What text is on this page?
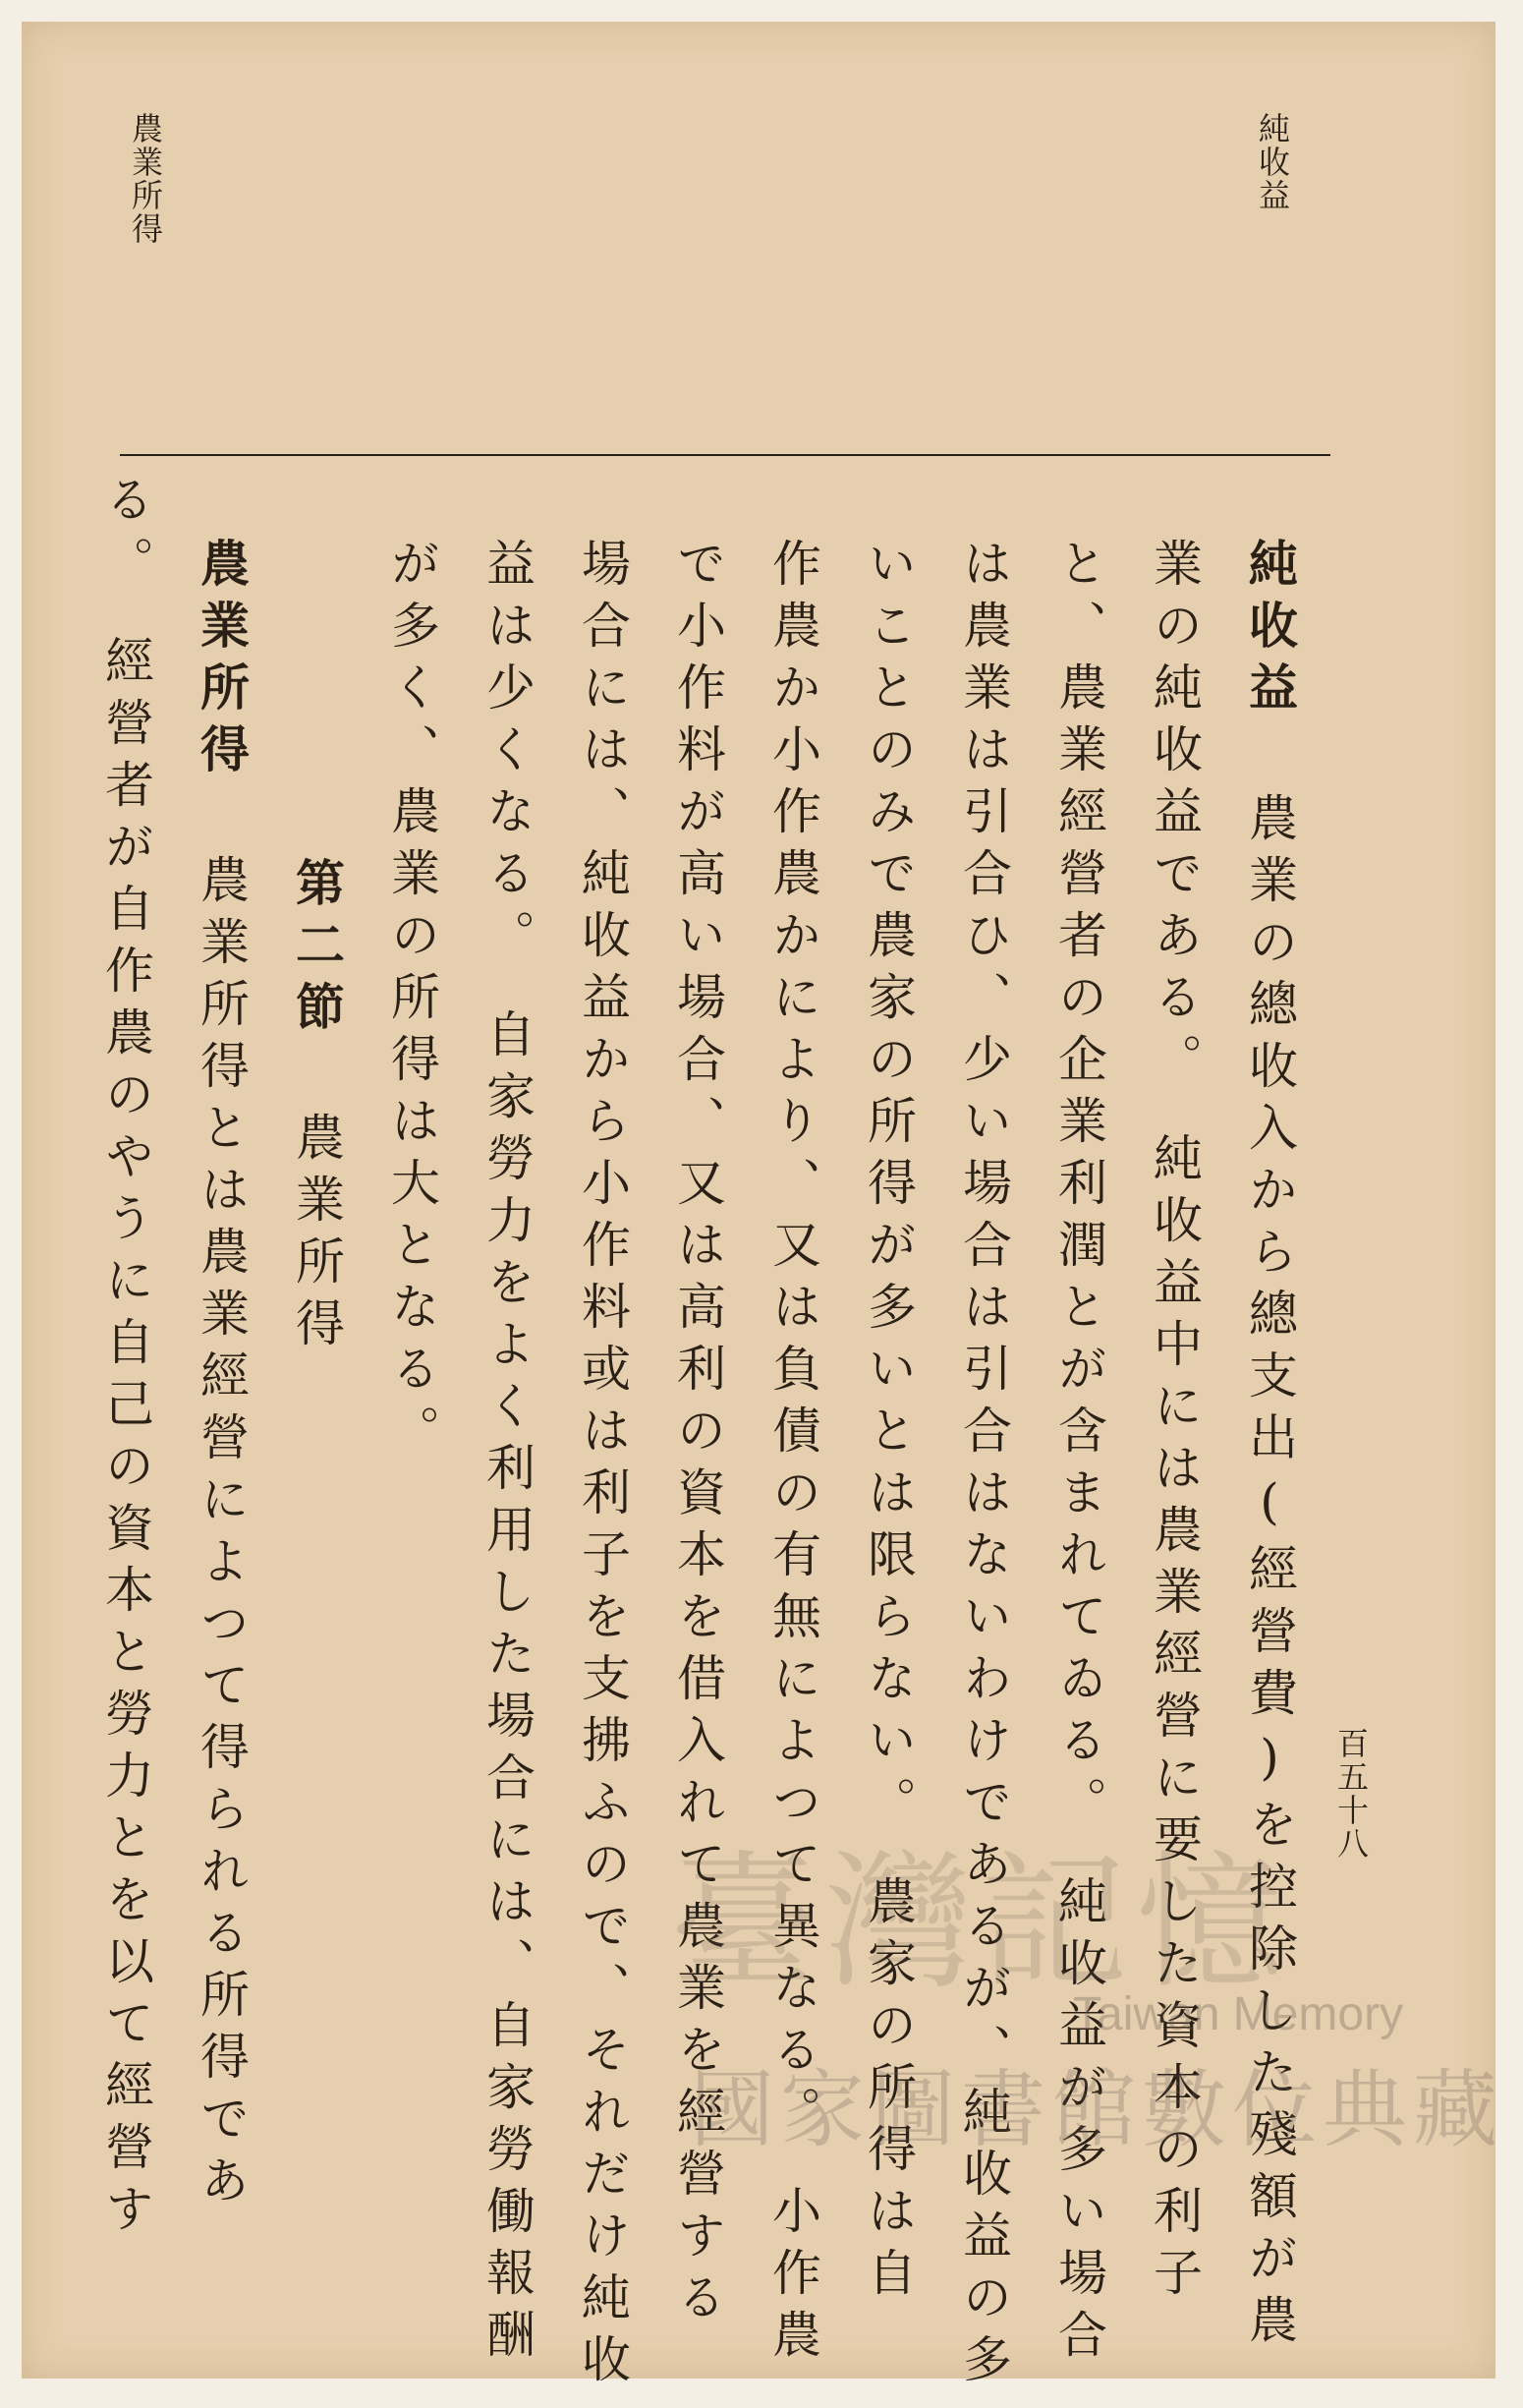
純收益
農業所得
百五十八
純收益農業の總收入から總支出(經營費)を控除した殘額が農
業の純收益である。　純收益中には農業經營に要した資本の利子
と、農業經營者の企業利潤とが含まれてゐる。　純收益が多い場合
は農業は引合ひ、少い場合は引合はないわけであるが、純收益の多
いことのみで農家の所得が多いとは限らない。　農家の所得は自
作農か小作農かにより、又は負債の有無によつて異なる。　小作農
で小作料が高い場合、又は高利の資本を借入れて農業を經營する
場合には、純收益から小作料或は利子を支拂ふので、それだけ純收
益は少くなる。　自家勞力をよく利用した場合には、自家勞働報酬
が多く、農業の所得は大となる。
第二節農業所得
農業所得農業所得とは農業經營によつて得られる所得であ
る。　經營者が自作農のやうに自己の資本と勞力とを以て經營す	臺灣記憶
Taiwan Memory
國家圖書館數位典藏
